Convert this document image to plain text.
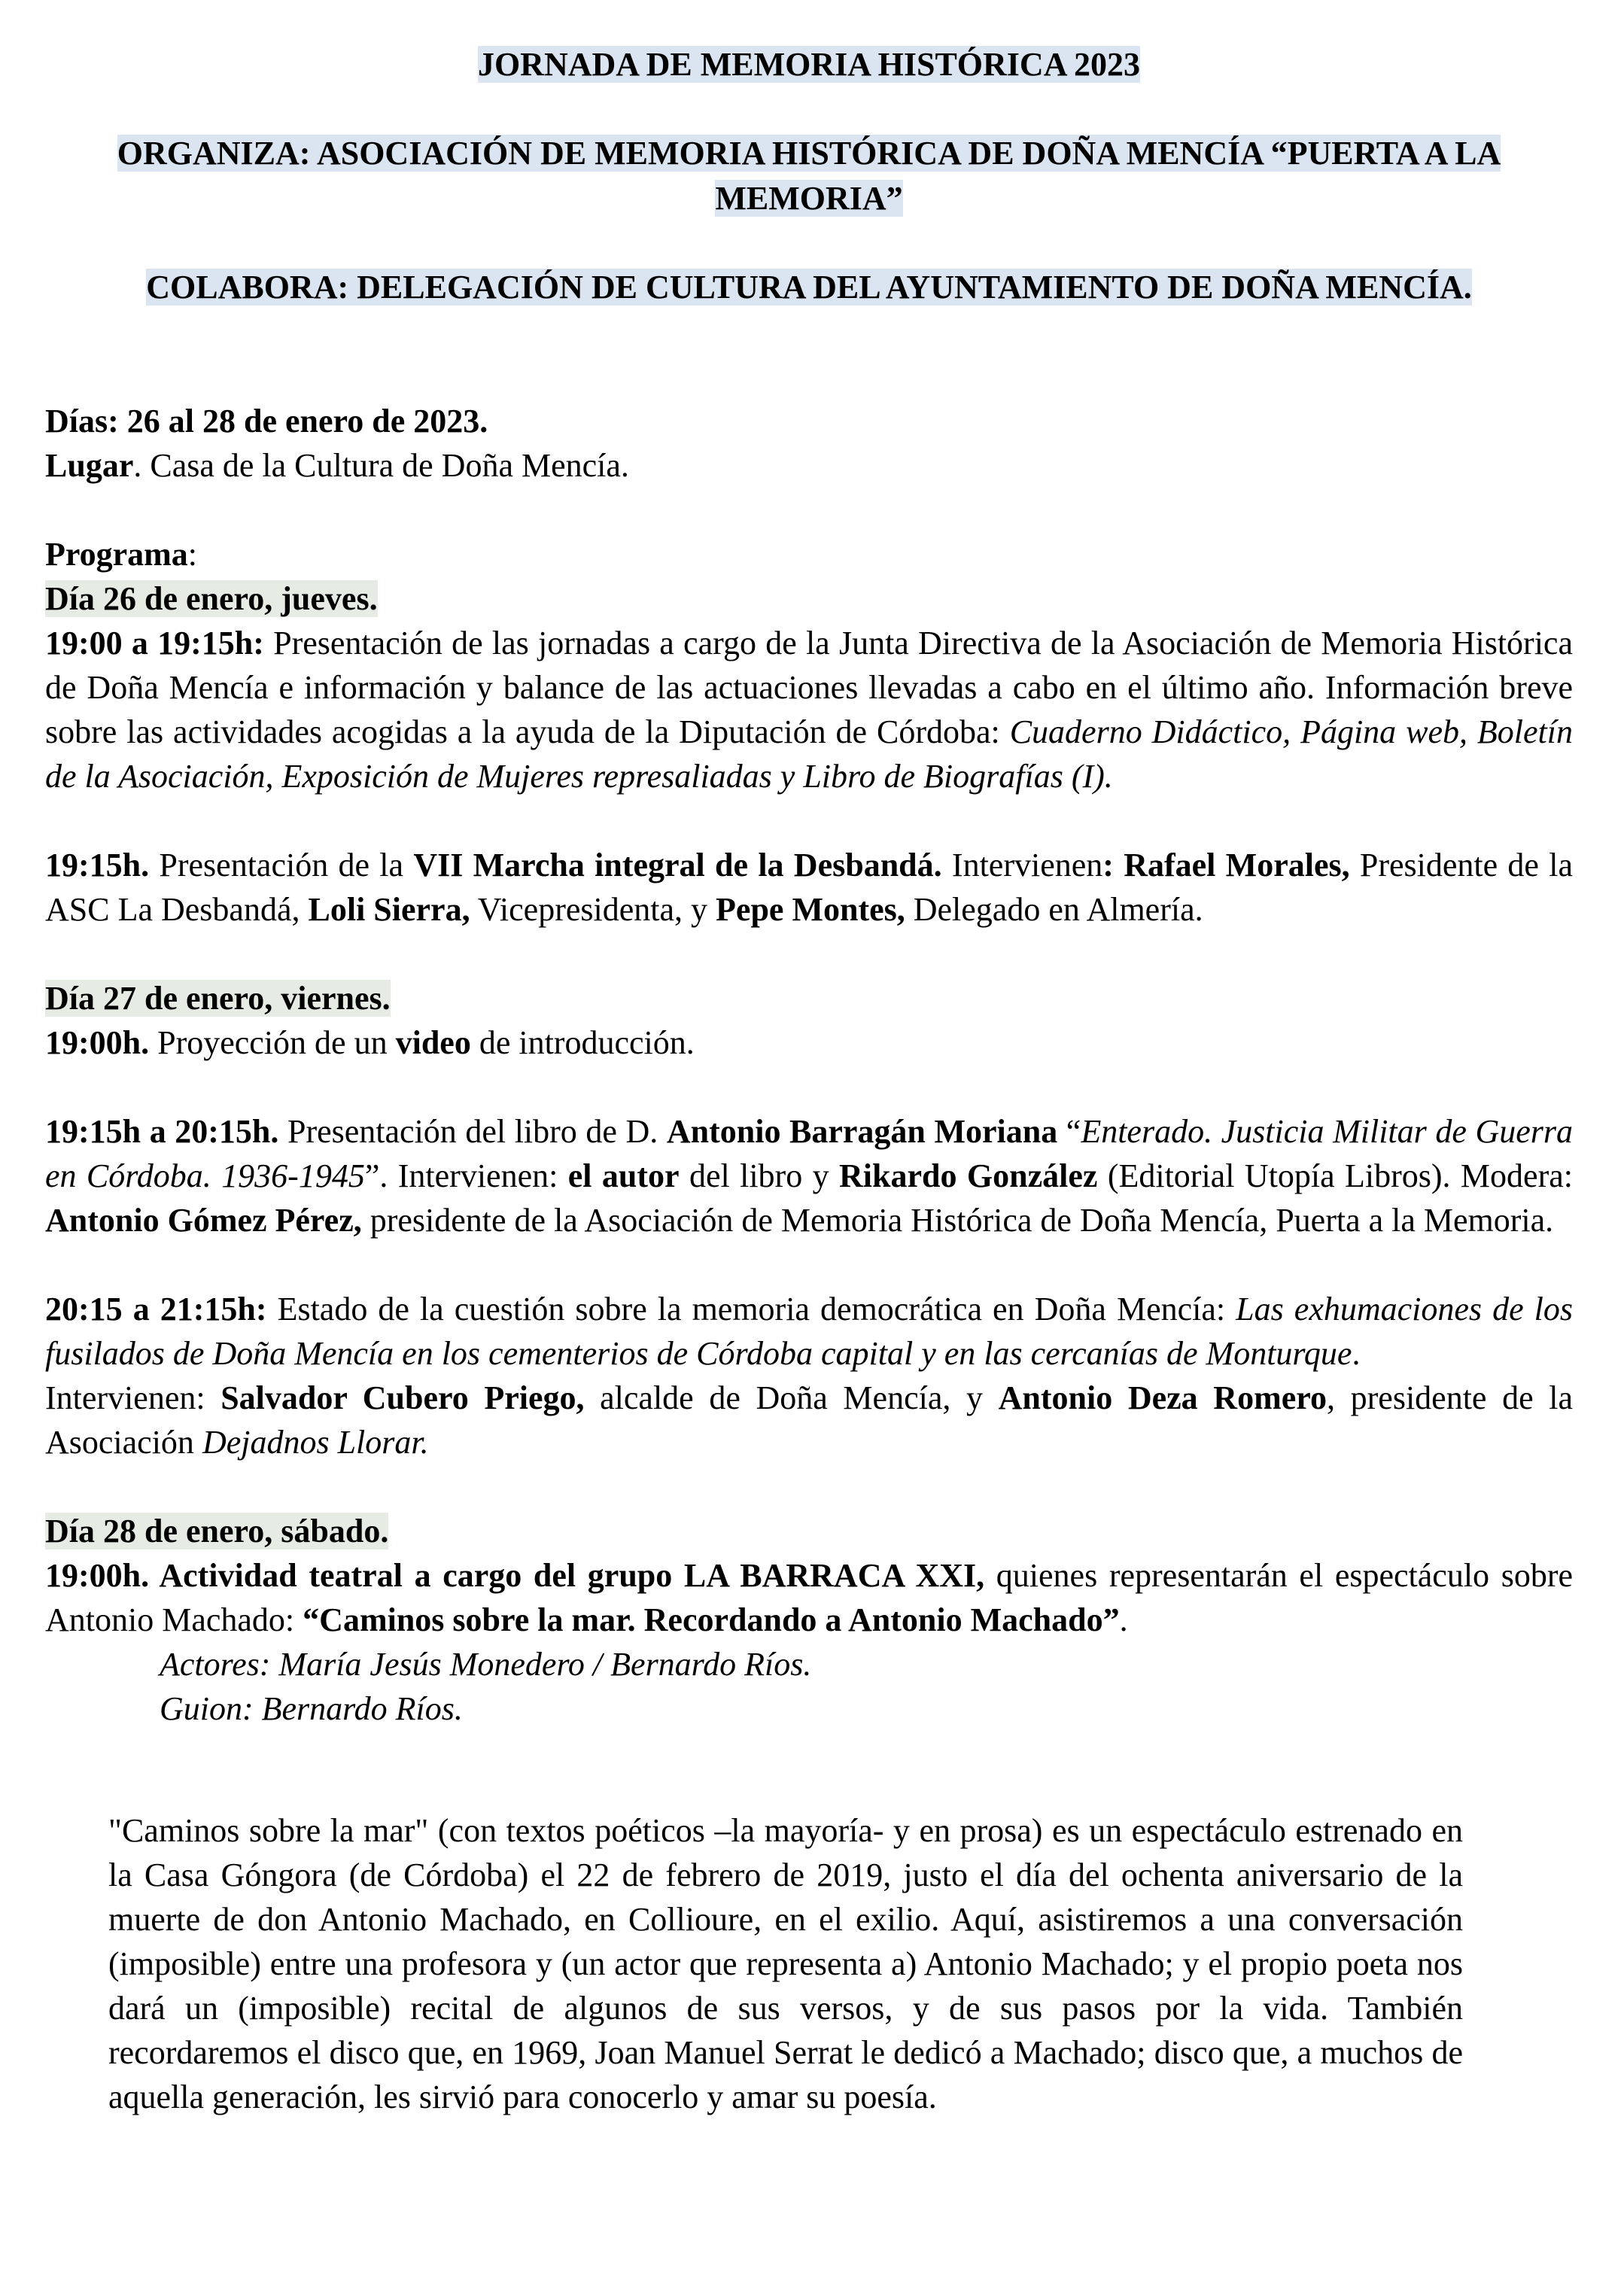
JORNADA DE MEMORIA HISTÓRICA 2023

ORGANIZA: ASOCIACIÓN DE MEMORIA HISTÓRICA DE DOÑA MENCÍA “PUERTA A LA MEMORIA”

COLABORA: DELEGACIÓN DE CULTURA DEL AYUNTAMIENTO DE DOÑA MENCÍA.

Días: 26 al 28 de enero de 2023.

Lugar. Casa de la Cultura de Doña Mencía.

Programa:

Día 26 de enero, jueves.

19:00 a 19:15h: Presentación de las jornadas a cargo de la Junta Directiva de la Asociación de Memoria Histórica de Doña Mencía e información y balance de las actuaciones llevadas a cabo en el último año. Información breve sobre las actividades acogidas a la ayuda de la Diputación de Córdoba: Cuaderno Didáctico, Página web, Boletín de la Asociación, Exposición de Mujeres represaliadas y Libro de Biografías (I).

19:15h. Presentación de la VII Marcha integral de la Desbandá. Intervienen: Rafael Morales, Presidente de la ASC La Desbandá, Loli Sierra, Vicepresidenta, y Pepe Montes, Delegado en Almería.

Día 27 de enero, viernes.

19:00h. Proyección de un video de introducción.

19:15h a 20:15h. Presentación del libro de D. Antonio Barragán Moriana “Enterado. Justicia Militar de Guerra en Córdoba. 1936-1945”. Intervienen: el autor del libro y Rikardo González (Editorial Utopía Libros). Modera: Antonio Gómez Pérez, presidente de la Asociación de Memoria Histórica de Doña Mencía, Puerta a la Memoria.

20:15 a 21:15h: Estado de la cuestión sobre la memoria democrática en Doña Mencía: Las exhumaciones de los fusilados de Doña Mencía en los cementerios de Córdoba capital y en las cercanías de Monturque.

Intervienen: Salvador Cubero Priego, alcalde de Doña Mencía, y Antonio Deza Romero, presidente de la Asociación Dejadnos Llorar.

Día 28 de enero, sábado.

19:00h. Actividad teatral a cargo del grupo LA BARRACA XXI, quienes representarán el espectáculo sobre Antonio Machado: “Caminos sobre la mar. Recordando a Antonio Machado”.

Actores: María Jesús Monedero / Bernardo Ríos.

Guion: Bernardo Ríos.

"Caminos sobre la mar" (con textos poéticos –la mayoría- y en prosa) es un espectáculo estrenado en la Casa Góngora (de Córdoba) el 22 de febrero de 2019, justo el día del ochenta aniversario de la muerte de don Antonio Machado, en Collioure, en el exilio. Aquí, asistiremos a una conversación (imposible) entre una profesora y (un actor que representa a) Antonio Machado; y el propio poeta nos dará un (imposible) recital de algunos de sus versos, y de sus pasos por la vida. También recordaremos el disco que, en 1969, Joan Manuel Serrat le dedicó a Machado; disco que, a muchos de aquella generación, les sirvió para conocerlo y amar su poesía.
